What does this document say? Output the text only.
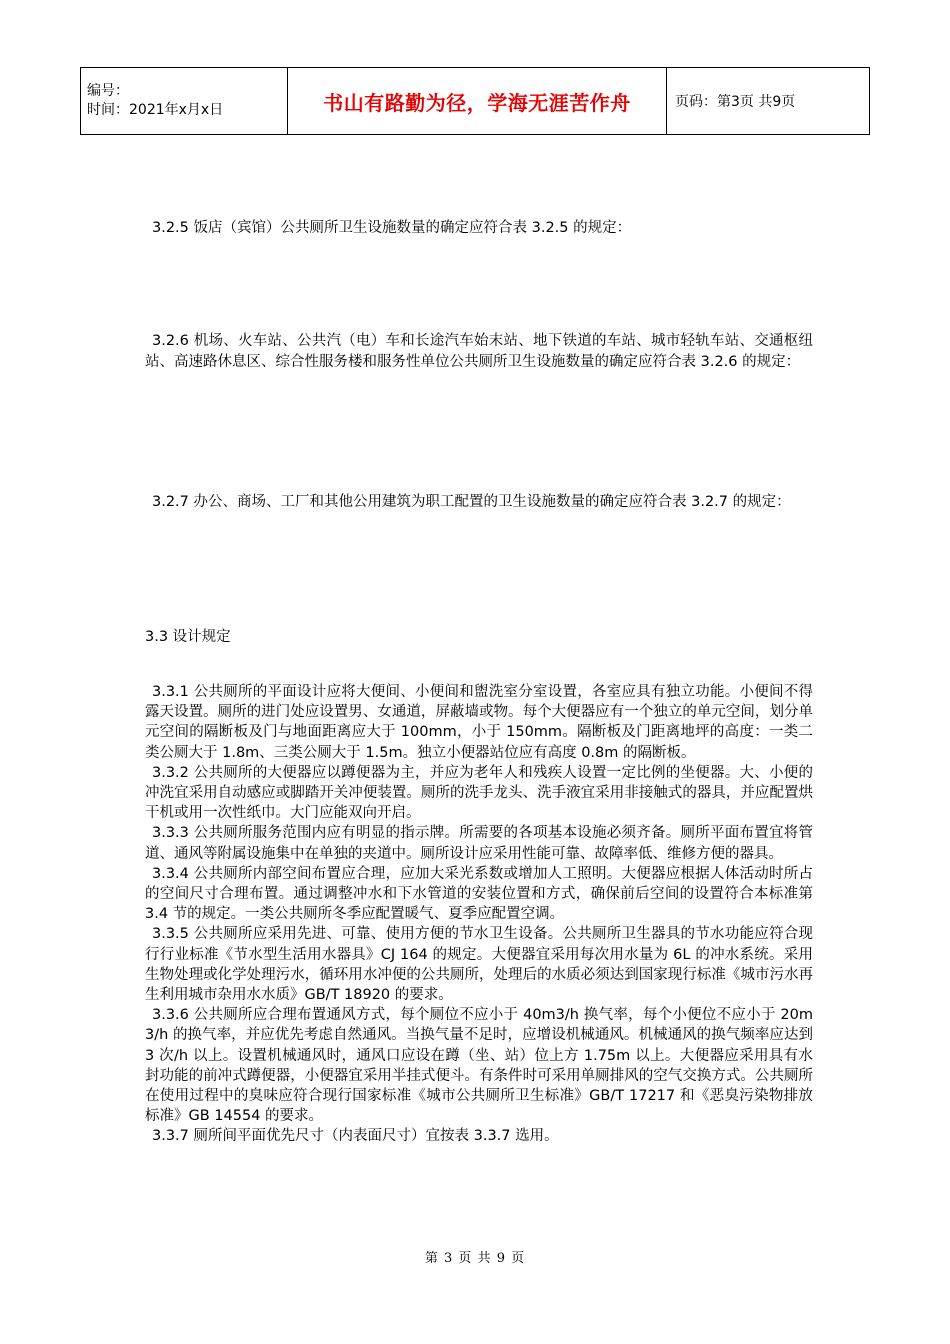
编号：
时间：2021年x月x日	书山有路勤为径，学海无涯苦作舟	页码：第3页 共9页
3.2.5 饭店（宾馆）公共厕所卫生设施数量的确定应符合表 3.2.5 的规定：
3.2.6 机场、火车站、公共汽（电）车和长途汽车始末站、地下铁道的车站、城市轻轨车站、交通枢纽站、高速路休息区、综合性服务楼和服务性单位公共厕所卫生设施数量的确定应符合表 3.2.6 的规定：
3.2.7 办公、商场、工厂和其他公用建筑为职工配置的卫生设施数量的确定应符合表 3.2.7 的规定：
3.3 设计规定

3.3.1 公共厕所的平面设计应将大便间、小便间和盥洗室分室设置，各室应具有独立功能。小便间不得露天设置。厕所的进门处应设置男、女通道，屏蔽墙或物。每个大便器应有一个独立的单元空间，划分单元空间的隔断板及门与地面距离应大于 100mm，小于 150mm。隔断板及门距离地坪的高度：一类二类公厕大于 1.8m、三类公厕大于 1.5m。独立小便器站位应有高度 0.8m 的隔断板。

3.3.2 公共厕所的大便器应以蹲便器为主，并应为老年人和残疾人设置一定比例的坐便器。大、小便的冲洗宜采用自动感应或脚踏开关冲便装置。厕所的洗手龙头、洗手液宜采用非接触式的器具，并应配置烘干机或用一次性纸巾。大门应能双向开启。

3.3.3 公共厕所服务范围内应有明显的指示牌。所需要的各项基本设施必须齐备。厕所平面布置宜将管道、通风等附属设施集中在单独的夹道中。厕所设计应采用性能可靠、故障率低、维修方便的器具。

3.3.4 公共厕所内部空间布置应合理，应加大采光系数或增加人工照明。大便器应根据人体活动时所占的空间尺寸合理布置。通过调整冲水和下水管道的安装位置和方式，确保前后空间的设置符合本标准第 3.4 节的规定。一类公共厕所冬季应配置暖气、夏季应配置空调。

3.3.5 公共厕所应采用先进、可靠、使用方便的节水卫生设备。公共厕所卫生器具的节水功能应符合现行行业标准《节水型生活用水器具》CJ 164 的规定。大便器宜采用每次用水量为 6L 的冲水系统。采用生物处理或化学处理污水，循环用水冲便的公共厕所，处理后的水质必须达到国家现行标准《城市污水再生利用城市杂用水水质》GB/T 18920 的要求。

3.3.6 公共厕所应合理布置通风方式，每个厕位不应小于 40m3/h 换气率，每个小便位不应小于 20m3/h 的换气率，并应优先考虑自然通风。当换气量不足时，应增设机械通风。机械通风的换气频率应达到 3 次/h 以上。设置机械通风时，通风口应设在蹲（坐、站）位上方 1.75m 以上。大便器应采用具有水封功能的前冲式蹲便器，小便器宜采用半挂式便斗。有条件时可采用单厕排风的空气交换方式。公共厕所在使用过程中的臭味应符合现行国家标准《城市公共厕所卫生标准》GB/T 17217 和《恶臭污染物排放标准》GB 14554 的要求。

3.3.7 厕所间平面优先尺寸（内表面尺寸）宜按表 3.3.7 选用。

第 3 页 共 9 页
